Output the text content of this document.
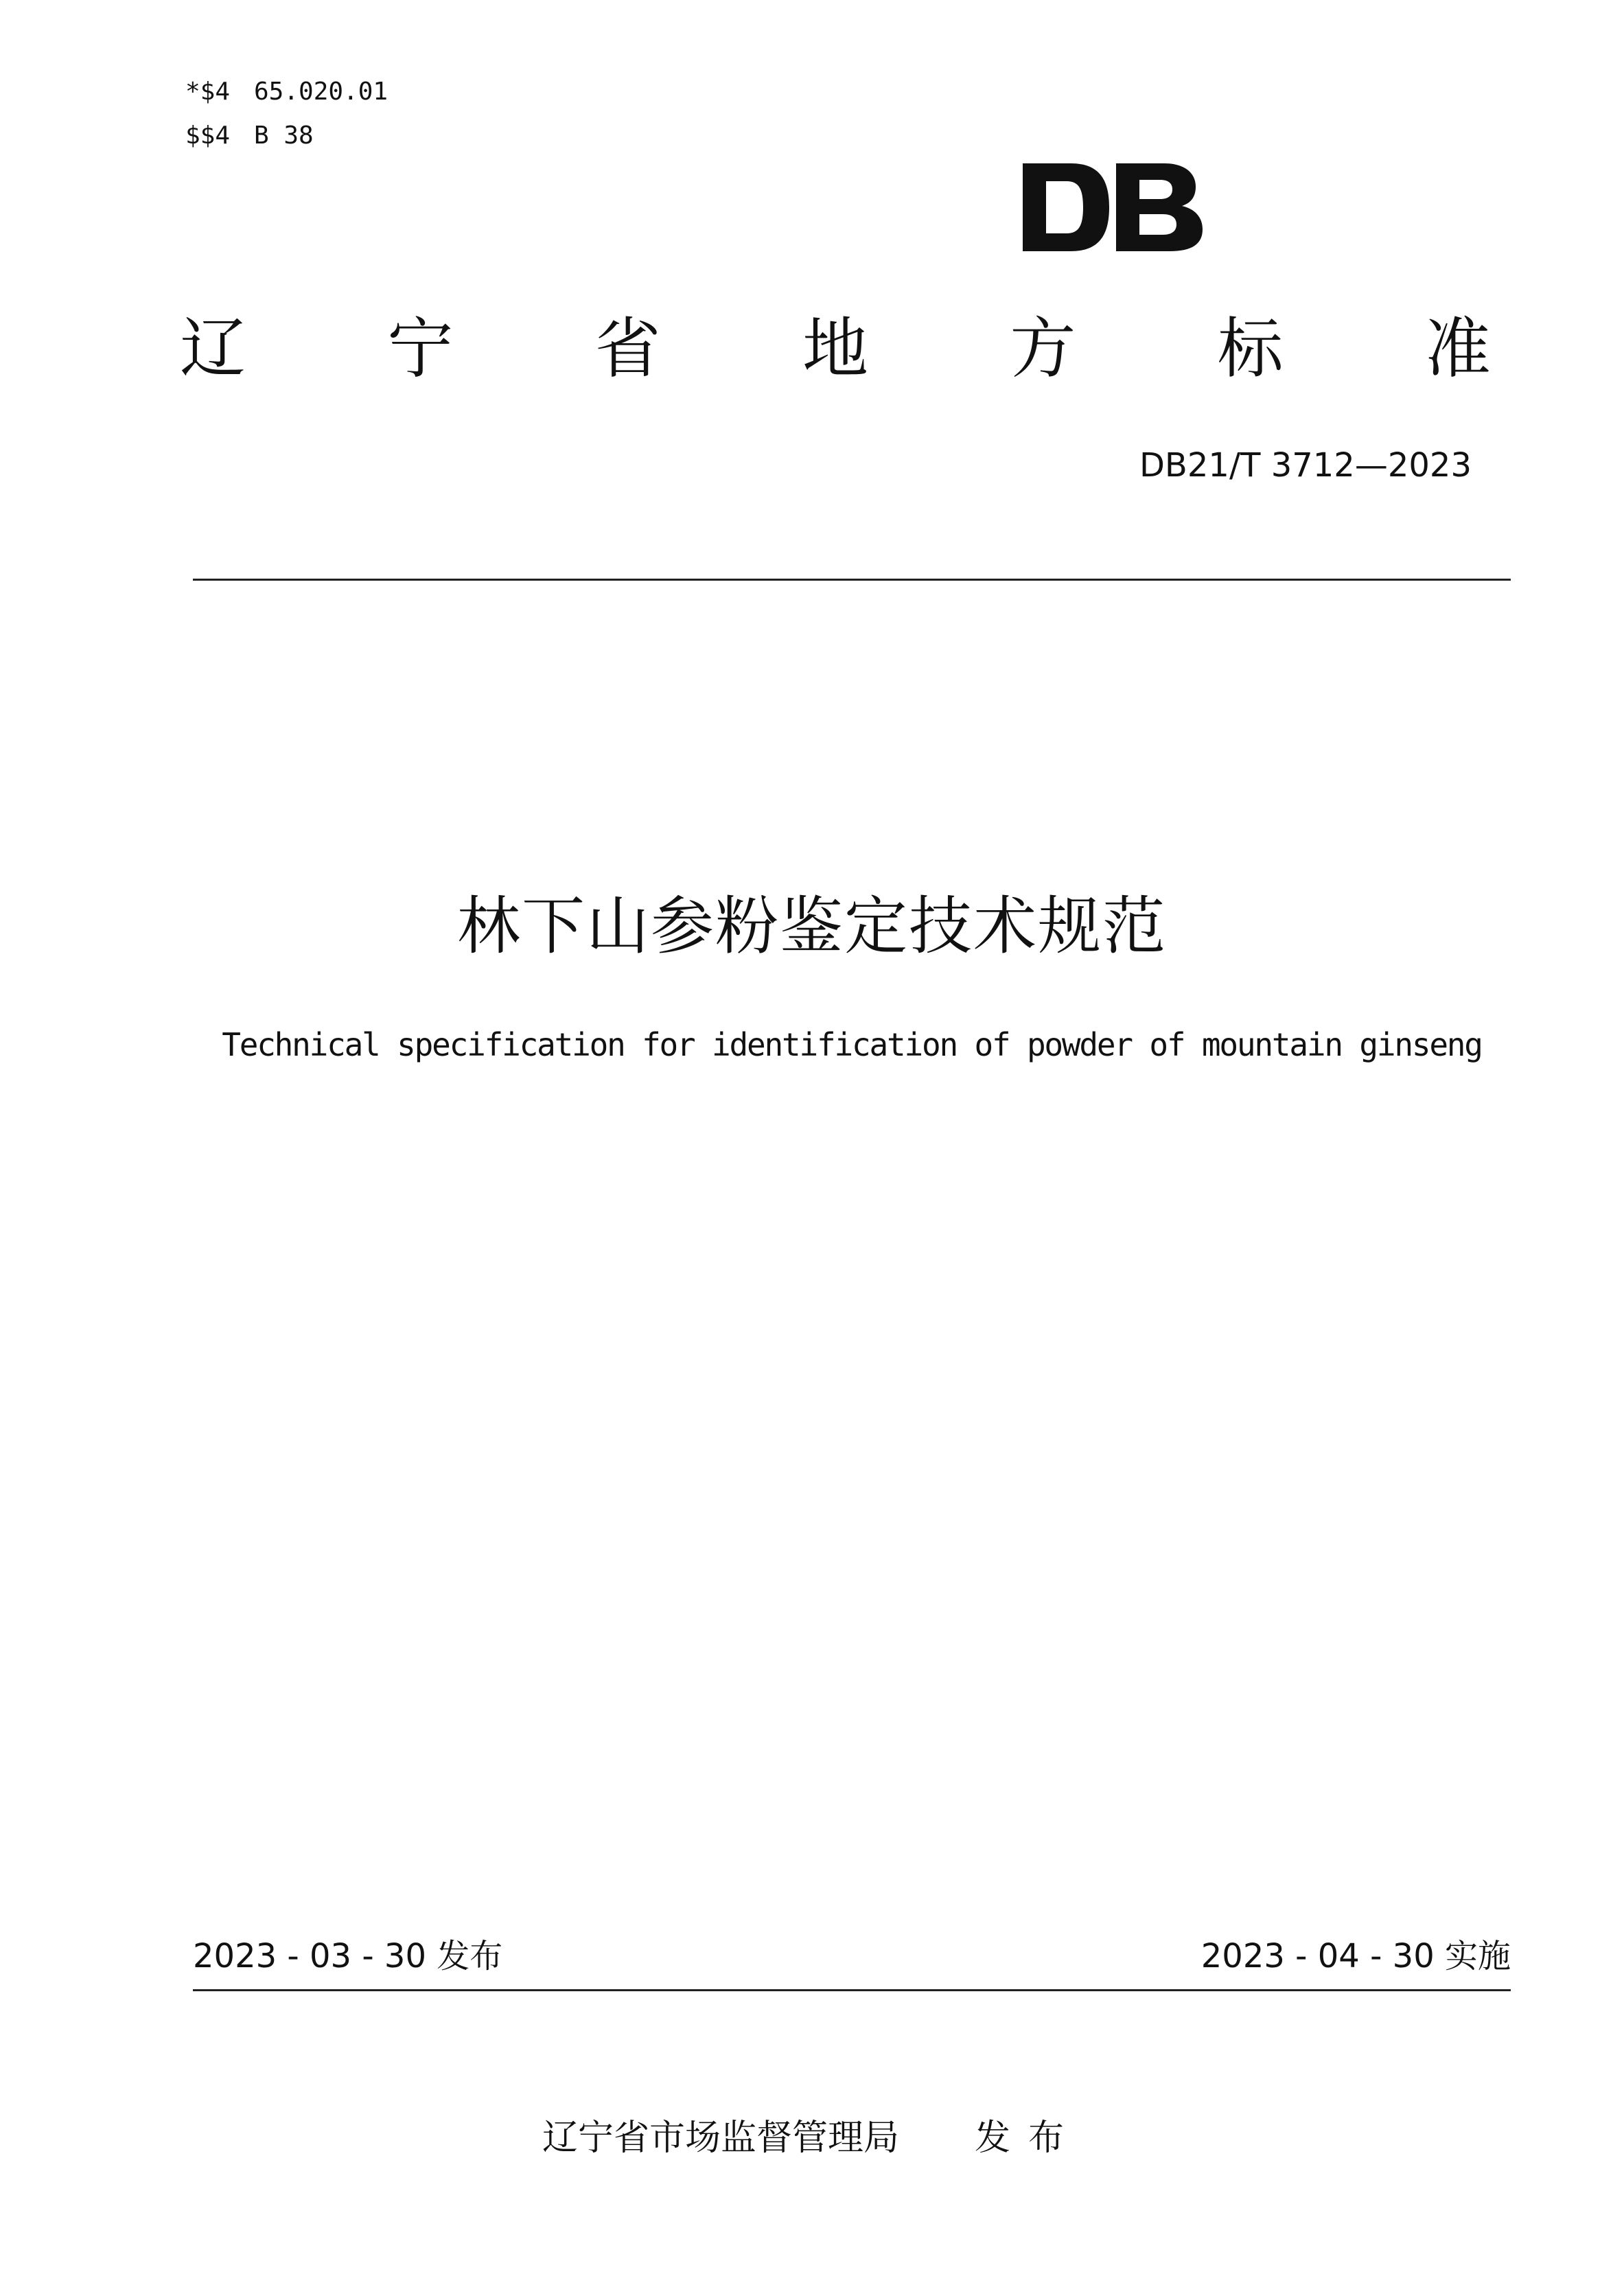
*$4 65.020.01
$$4 B 38
辽 宁 省 地 方 标 准
DB21/T 3712—2023
林下山参粉鉴定技术规范
Technical specification for identification of powder of mountain ginseng
2023 - 03 - 30 发布	2023 - 04 - 30 实施
辽宁省市场监督管理局 发布
